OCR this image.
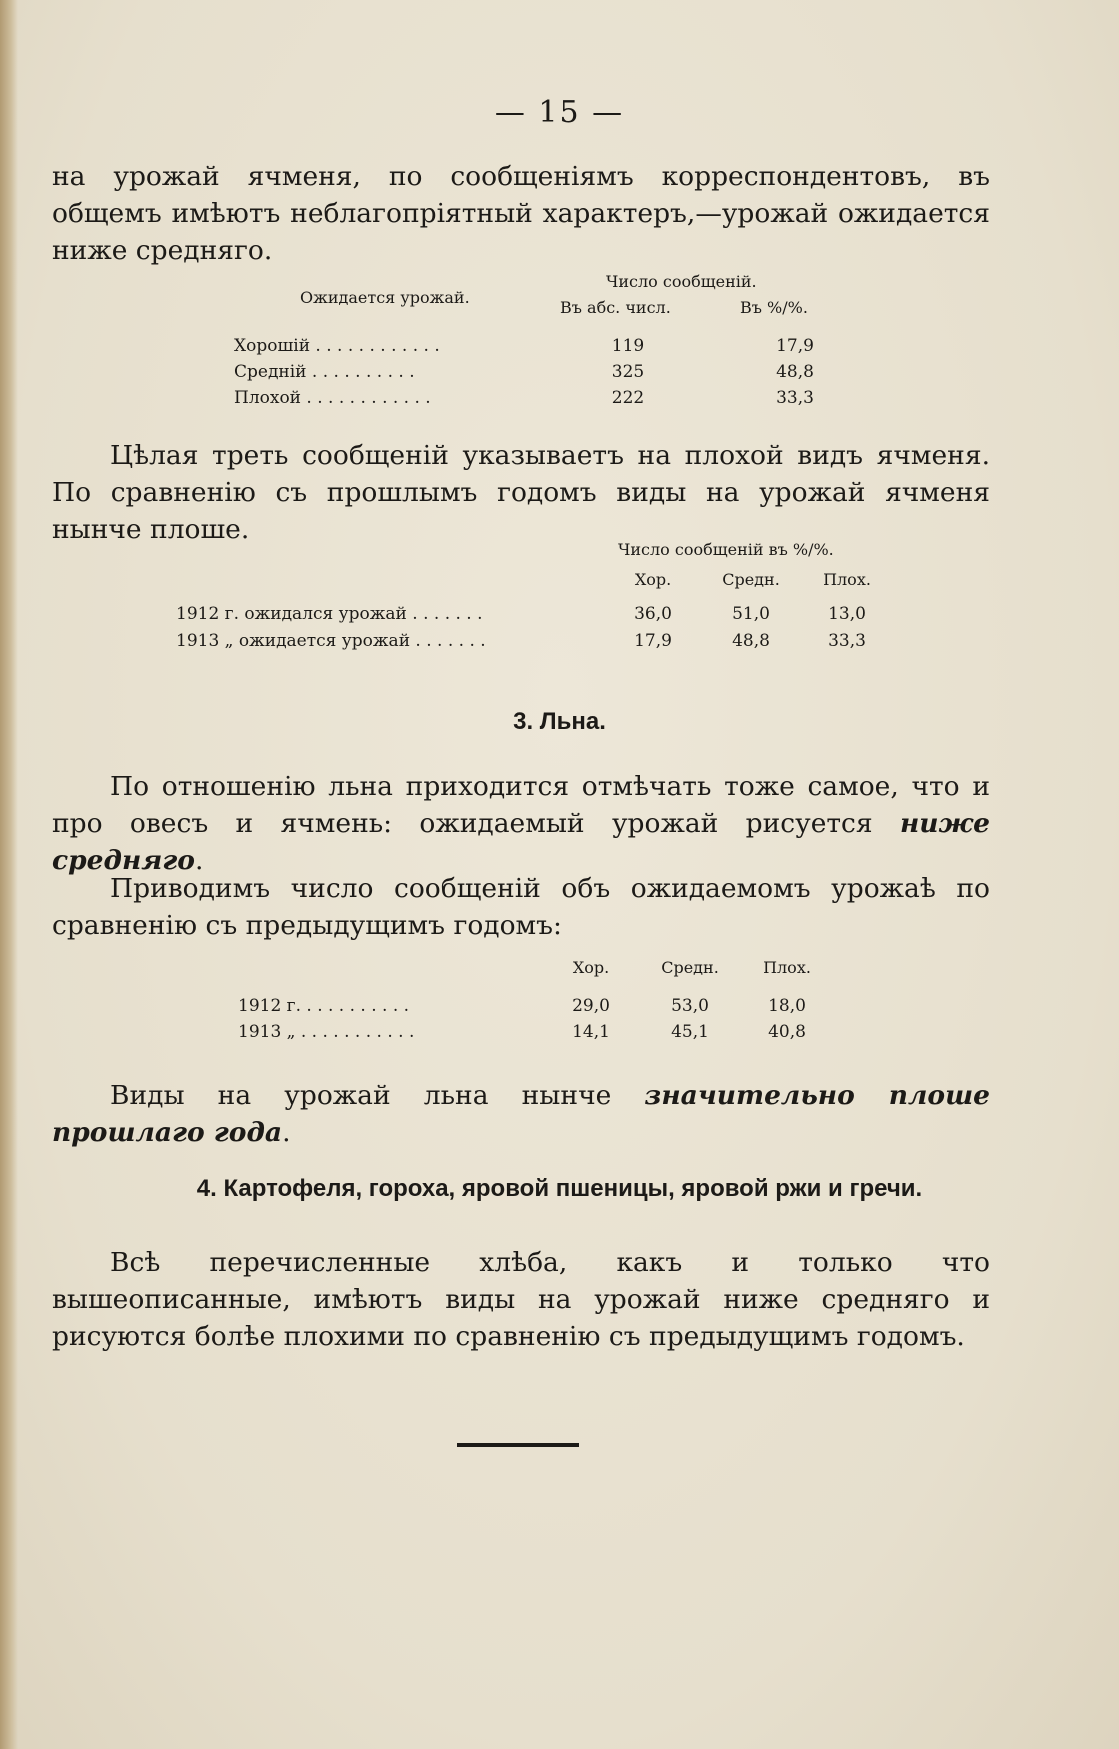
— 15 —

на урожай ячменя, по сообщеніямъ корреспондентовъ, въ общемъ имѣютъ неблагопріятный характеръ,—урожай ожидается ниже средняго.

Ожидается урожай.
Число сообщеній.
Въ абс. числ.	Въ %/%.
Хорошій . . . . . . . . . . . .	119	17,9
Средній . . . . . . . . . .	325	48,8
Плохой . . . . . . . . . . . .	222	33,3

Цѣлая треть сообщеній указываетъ на плохой видъ ячменя. По сравненію съ прошлымъ годомъ виды на урожай ячменя нынче плоше.

Число сообщеній въ %/%.
Хор.	Средн.	Плох.
1912 г. ожидался урожай . . . . . . .	36,0	51,0	13,0
1913 „ ожидается урожай . . . . . . .	17,9	48,8	33,3
3. Льна.

По отношенію льна приходится отмѣчать тоже самое, что и про овесъ и ячмень: ожидаемый урожай рисуется ниже средняго.

Приводимъ число сообщеній объ ожидаемомъ урожаѣ по сравненію съ предыдущимъ годомъ:

Хор.	Средн.	Плох.
1912 г. . . . . . . . . . .	29,0	53,0	18,0
1913 „ . . . . . . . . . . .	14,1	45,1	40,8

Виды на урожай льна нынче значительно плоше прошлаго года.

4. Картофеля, гороха, яровой пшеницы, яровой ржи и гречи.

Всѣ перечисленные хлѣба, какъ и только что вышеописанные, имѣютъ виды на урожай ниже средняго и рисуются болѣе плохими по сравненію съ предыдущимъ годомъ.
